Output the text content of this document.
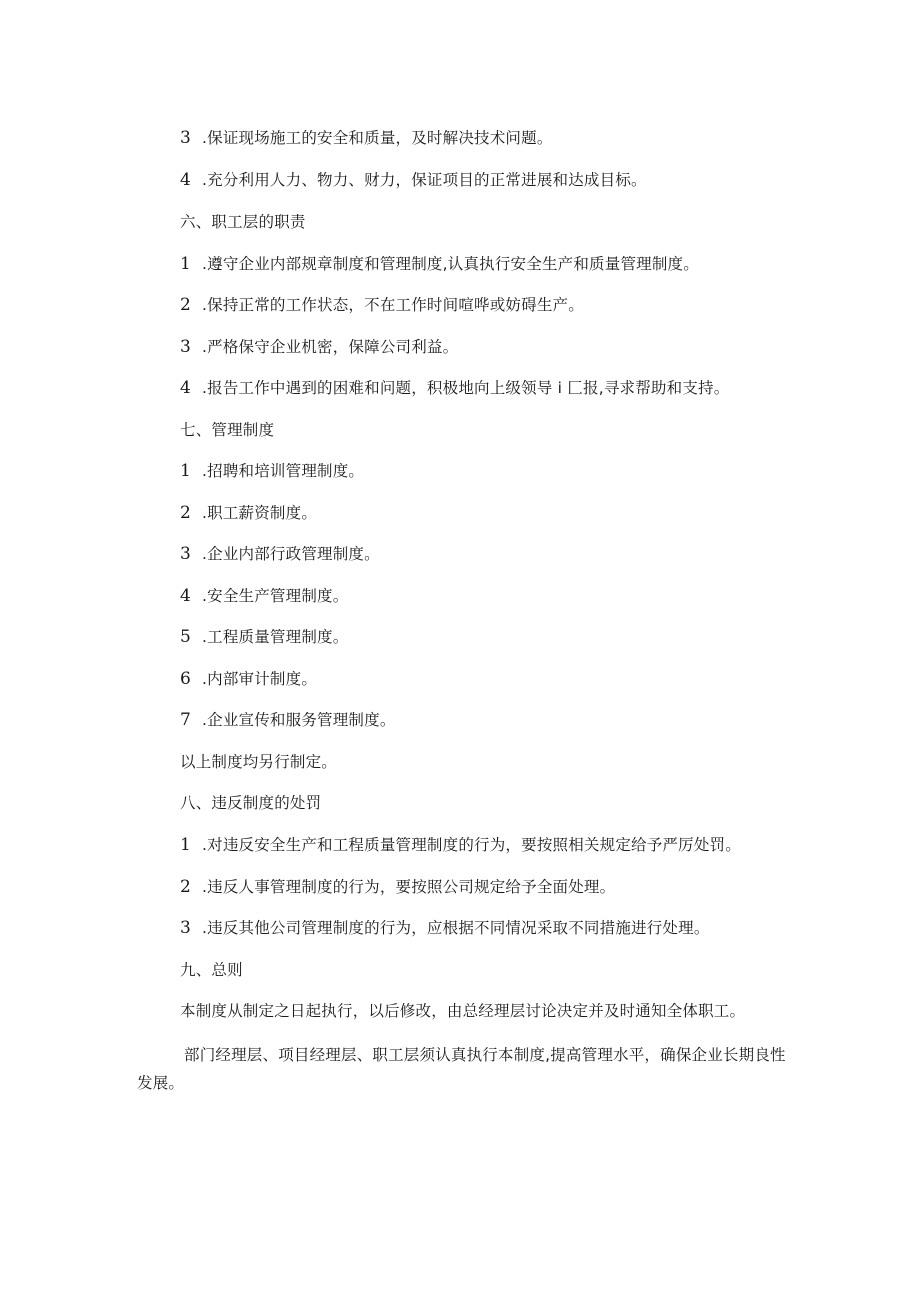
3 .保证现场施工的安全和质量，及时解决技术问题。
4 .充分利用人力、物力、财力，保证项目的正常进展和达成目标。
六、职工层的职责
1 .遵守企业内部规章制度和管理制度,认真执行安全生产和质量管理制度。
2 .保持正常的工作状态，不在工作时间喧哗或妨碍生产。
3 .严格保守企业机密，保障公司利益。
4 .报告工作中遇到的困难和问题，积极地向上级领导 i 匚报,寻求帮助和支持。
七、管理制度
1 .招聘和培训管理制度。
2 .职工薪资制度。
3 .企业内部行政管理制度。
4 .安全生产管理制度。
5 .工程质量管理制度。
6 .内部审计制度。
7 .企业宣传和服务管理制度。
以上制度均另行制定。
八、违反制度的处罚
1 .对违反安全生产和工程质量管理制度的行为，要按照相关规定给予严厉处罚。
2 .违反人事管理制度的行为，要按照公司规定给予全面处理。
3 .违反其他公司管理制度的行为，应根据不同情况采取不同措施进行处理。
九、总则
本制度从制定之日起执行，以后修改，由总经理层讨论决定并及时通知全体职工。
部门经理层、项目经理层、职工层须认真执行本制度,提高管理水平，确保企业长期良性发展。
